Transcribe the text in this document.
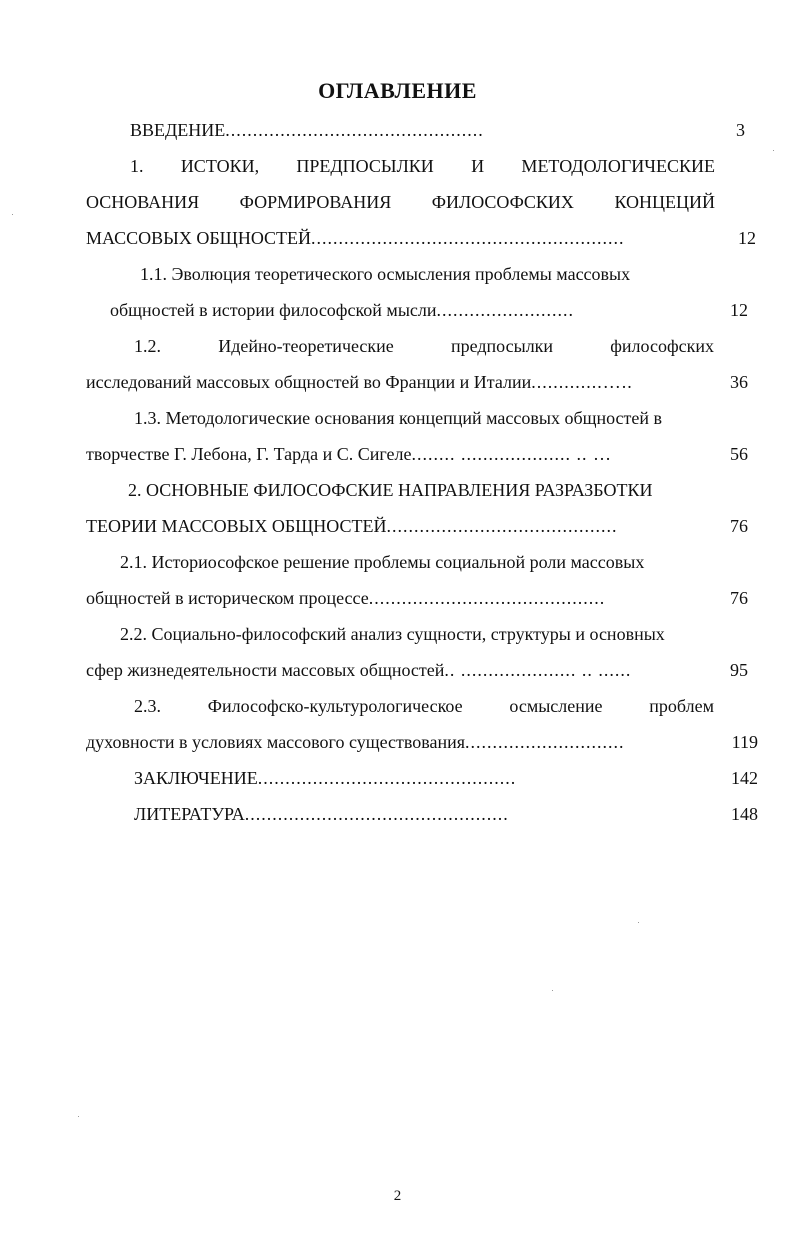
ОГЛАВЛЕНИЕ
ВВЕДЕНИЕ ...............................................	3
1. ИСТОКИ, ПРЕДПОСЫЛКИ И МЕТОДОЛОГИЧЕСКИЕ
ОСНОВАНИЯ ФОРМИРОВАНИЯ ФИЛОСОФСКИХ КОНЦЕЦИЙ
МАССОВЫХ ОБЩНОСТЕЙ .........................................................	12
1.1. Эволюция теоретического осмысления проблемы массовых
общностей в истории философской мысли .........................	12
1.2. Идейно-теоретические предпосылки философских
исследований массовых общностей во Франции и Италии .............…..	36
1.3. Методологические основания концепций массовых общностей в
творчестве Г. Лебона, Г. Тарда и С. Сигеле ........ .................... .. …	56
2. ОСНОВНЫЕ ФИЛОСОФСКИЕ НАПРАВЛЕНИЯ РАЗРАЗБОТКИ
ТЕОРИИ МАССОВЫХ ОБЩНОСТЕЙ ..........................................	76
2.1. Историософское решение проблемы социальной роли массовых
общностей в историческом процессе ...........................................	76
2.2. Социально-философский анализ сущности, структуры и основных
сфер жизнедеятельности массовых общностей .. ..................... .. ......	95
2.3. Философско-культурологическое осмысление проблем
духовности в условиях массового существования .............................	119
ЗАКЛЮЧЕНИЕ ...............................................	142
ЛИТЕРАТУРА ................................................	148
2
